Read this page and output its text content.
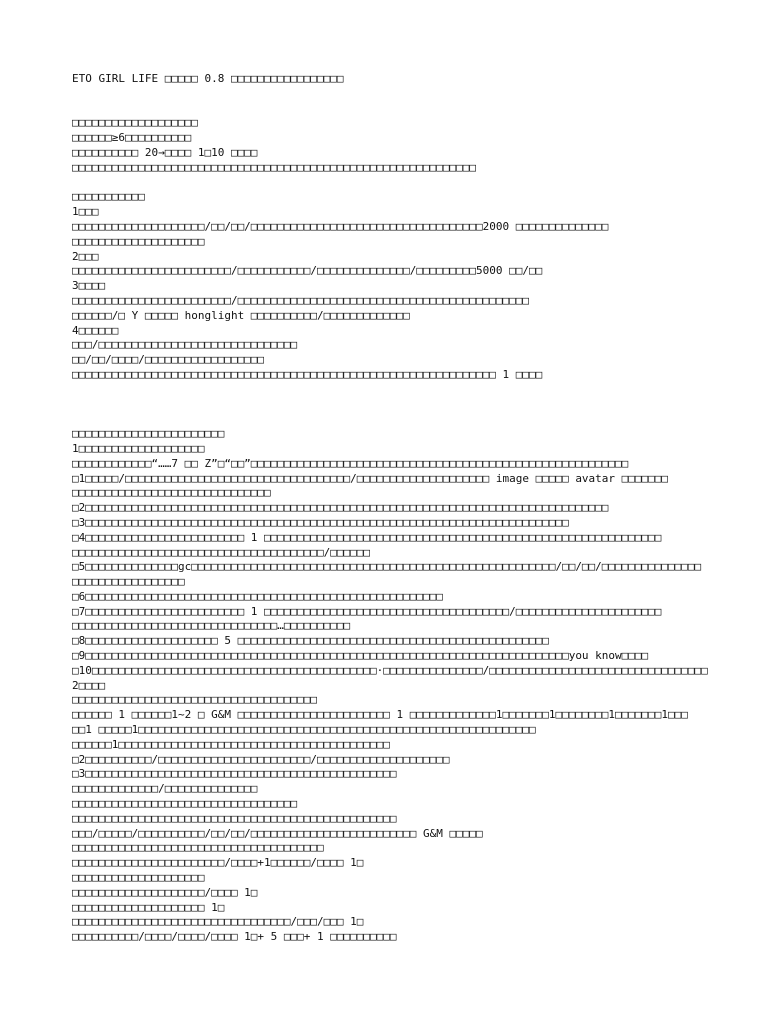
ETO GIRL LIFE □□□□□ 0.8 □□□□□□□□□□□□□□□□□
□□□□□□□□□□□□□□□□□□□
□□□□□□≥6□□□□□□□□□□
□□□□□□□□□□ 20→□□□□ 1□10 □□□□
□□□□□□□□□□□□□□□□□□□□□□□□□□□□□□□□□□□□□□□□□□□□□□□□□□□□□□□□□□□□□
□□□□□□□□□□□
1□□□
□□□□□□□□□□□□□□□□□□□□/□□/□□/□□□□□□□□□□□□□□□□□□□□□□□□□□□□□□□□□□□2000 □□□□□□□□□□□□□□
□□□□□□□□□□□□□□□□□□□□
2□□□
□□□□□□□□□□□□□□□□□□□□□□□□/□□□□□□□□□□□/□□□□□□□□□□□□□□/□□□□□□□□□5000 □□/□□
3□□□□
□□□□□□□□□□□□□□□□□□□□□□□□/□□□□□□□□□□□□□□□□□□□□□□□□□□□□□□□□□□□□□□□□□□□□
□□□□□□/□ Y □□□□□ honglight □□□□□□□□□□/□□□□□□□□□□□□□
4□□□□□□
□□□/□□□□□□□□□□□□□□□□□□□□□□□□□□□□□□
□□/□□/□□□□/□□□□□□□□□□□□□□□□□□
□□□□□□□□□□□□□□□□□□□□□□□□□□□□□□□□□□□□□□□□□□□□□□□□□□□□□□□□□□□□□□□□ 1 □□□□
□□□□□□□□□□□□□□□□□□□□□□□
1□□□□□□□□□□□□□□□□□□□
□□□□□□□□□□□□“……7 □□ Z”□“□□”□□□□□□□□□□□□□□□□□□□□□□□□□□□□□□□□□□□□□□□□□□□□□□□□□□□□□□□□□
□1□□□□□/□□□□□□□□□□□□□□□□□□□□□□□□□□□□□□□□□□/□□□□□□□□□□□□□□□□□□□□ image □□□□□ avatar □□□□□□□
□□□□□□□□□□□□□□□□□□□□□□□□□□□□□□
□2□□□□□□□□□□□□□□□□□□□□□□□□□□□□□□□□□□□□□□□□□□□□□□□□□□□□□□□□□□□□□□□□□□□□□□□□□□□□□□□
□3□□□□□□□□□□□□□□□□□□□□□□□□□□□□□□□□□□□□□□□□□□□□□□□□□□□□□□□□□□□□□□□□□□□□□□□□□
□4□□□□□□□□□□□□□□□□□□□□□□□□ 1 □□□□□□□□□□□□□□□□□□□□□□□□□□□□□□□□□□□□□□□□□□□□□□□□□□□□□□□□□□□□
□□□□□□□□□□□□□□□□□□□□□□□□□□□□□□□□□□□□□□/□□□□□□
□5□□□□□□□□□□□□□□gc□□□□□□□□□□□□□□□□□□□□□□□□□□□□□□□□□□□□□□□□□□□□□□□□□□□□□□□/□□/□□/□□□□□□□□□□□□□□□
□□□□□□□□□□□□□□□□□
□6□□□□□□□□□□□□□□□□□□□□□□□□□□□□□□□□□□□□□□□□□□□□□□□□□□□□□□
□7□□□□□□□□□□□□□□□□□□□□□□□□ 1 □□□□□□□□□□□□□□□□□□□□□□□□□□□□□□□□□□□□□/□□□□□□□□□□□□□□□□□□□□□□
□□□□□□□□□□□□□□□□□□□□□□□□□□□□□□□…□□□□□□□□□□
□8□□□□□□□□□□□□□□□□□□□□ 5 □□□□□□□□□□□□□□□□□□□□□□□□□□□□□□□□□□□□□□□□□□□□□□□
□9□□□□□□□□□□□□□□□□□□□□□□□□□□□□□□□□□□□□□□□□□□□□□□□□□□□□□□□□□□□□□□□□□□□□□□□□□you know□□□□
□10□□□□□□□□□□□□□□□□□□□□□□□□□□□□□□□□□□□□□□□□□□□·□□□□□□□□□□□□□□□/□□□□□□□□□□□□□□□□□□□□□□□□□□□□□□□□□
2□□□□
□□□□□□□□□□□□□□□□□□□□□□□□□□□□□□□□□□□□□
□□□□□□ 1 □□□□□□1~2 □ G&M □□□□□□□□□□□□□□□□□□□□□□□ 1 □□□□□□□□□□□□□1□□□□□□□1□□□□□□□□1□□□□□□□1□□□
□□1 □□□□□1□□□□□□□□□□□□□□□□□□□□□□□□□□□□□□□□□□□□□□□□□□□□□□□□□□□□□□□□□□□□
□□□□□□1□□□□□□□□□□□□□□□□□□□□□□□□□□□□□□□□□□□□□□□□□
□2□□□□□□□□□□/□□□□□□□□□□□□□□□□□□□□□□□/□□□□□□□□□□□□□□□□□□□□
□3□□□□□□□□□□□□□□□□□□□□□□□□□□□□□□□□□□□□□□□□□□□□□□□
□□□□□□□□□□□□□/□□□□□□□□□□□□□□
□□□□□□□□□□□□□□□□□□□□□□□□□□□□□□□□□□
□□□□□□□□□□□□□□□□□□□□□□□□□□□□□□□□□□□□□□□□□□□□□□□□□
□□□/□□□□□/□□□□□□□□□□/□□/□□/□□□□□□□□□□□□□□□□□□□□□□□□□ G&M □□□□□
□□□□□□□□□□□□□□□□□□□□□□□□□□□□□□□□□□□□□□
□□□□□□□□□□□□□□□□□□□□□□□/□□□□+1□□□□□□/□□□□ 1□
□□□□□□□□□□□□□□□□□□□□
□□□□□□□□□□□□□□□□□□□□/□□□□ 1□
□□□□□□□□□□□□□□□□□□□□ 1□
□□□□□□□□□□□□□□□□□□□□□□□□□□□□□□□□□/□□□/□□□ 1□
□□□□□□□□□□/□□□□/□□□□/□□□□ 1□+ 5 □□□+ 1 □□□□□□□□□□
